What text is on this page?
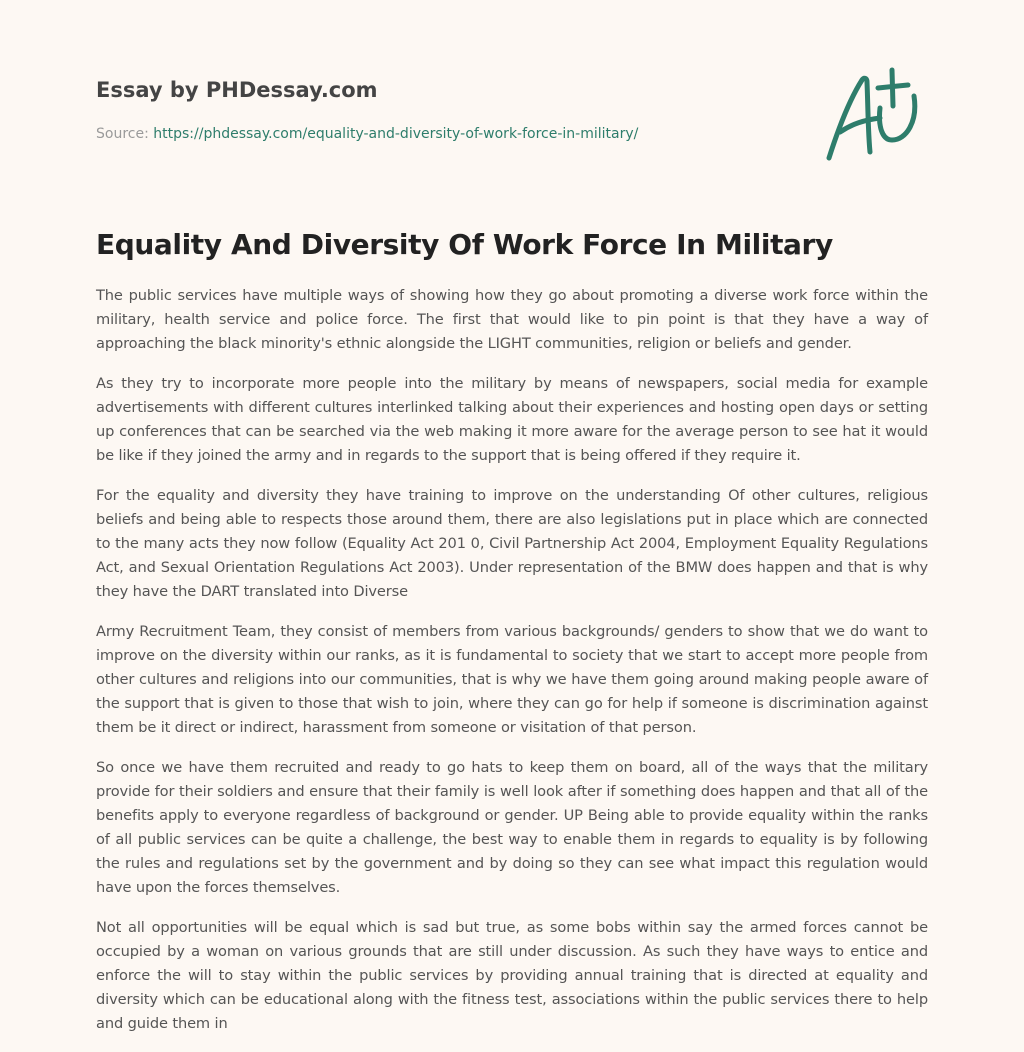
Essay by PHDessay.com
Source: https://phdessay.com/equality-and-diversity-of-work-force-in-military/
Equality And Diversity Of Work Force In Military

The public services have multiple ways of showing how they go about promoting a diverse work force within the military, health service and police force. The first that would like to pin point is that they have a way of approaching the black minority's ethnic alongside the LIGHT communities, religion or beliefs and gender.

As they try to incorporate more people into the military by means of newspapers, social media for example advertisements with different cultures interlinked talking about their experiences and hosting open days or setting up conferences that can be searched via the web making it more aware for the average person to see hat it would be like if they joined the army and in regards to the support that is being offered if they require it.

For the equality and diversity they have training to improve on the understanding Of other cultures, religious beliefs and being able to respects those around them, there are also legislations put in place which are connected to the many acts they now follow (Equality Act 201 0, Civil Partnership Act 2004, Employment Equality Regulations Act, and Sexual Orientation Regulations Act 2003). Under representation of the BMW does happen and that is why they have the DART translated into Diverse

Army Recruitment Team, they consist of members from various backgrounds/ genders to show that we do want to improve on the diversity within our ranks, as it is fundamental to society that we start to accept more people from other cultures and religions into our communities, that is why we have them going around making people aware of the support that is given to those that wish to join, where they can go for help if someone is discrimination against them be it direct or indirect, harassment from someone or visitation of that person.

So once we have them recruited and ready to go hats to keep them on board, all of the ways that the military provide for their soldiers and ensure that their family is well look after if something does happen and that all of the benefits apply to everyone regardless of background or gender. UP Being able to provide equality within the ranks of all public services can be quite a challenge, the best way to enable them in regards to equality is by following the rules and regulations set by the government and by doing so they can see what impact this regulation would have upon the forces themselves.

Not all opportunities will be equal which is sad but true, as some bobs within say the armed forces cannot be occupied by a woman on various grounds that are still under discussion. As such they have ways to entice and enforce the will to stay within the public services by providing annual training that is directed at equality and diversity which can be educational along with the fitness test, associations within the public services there to help and guide them in
